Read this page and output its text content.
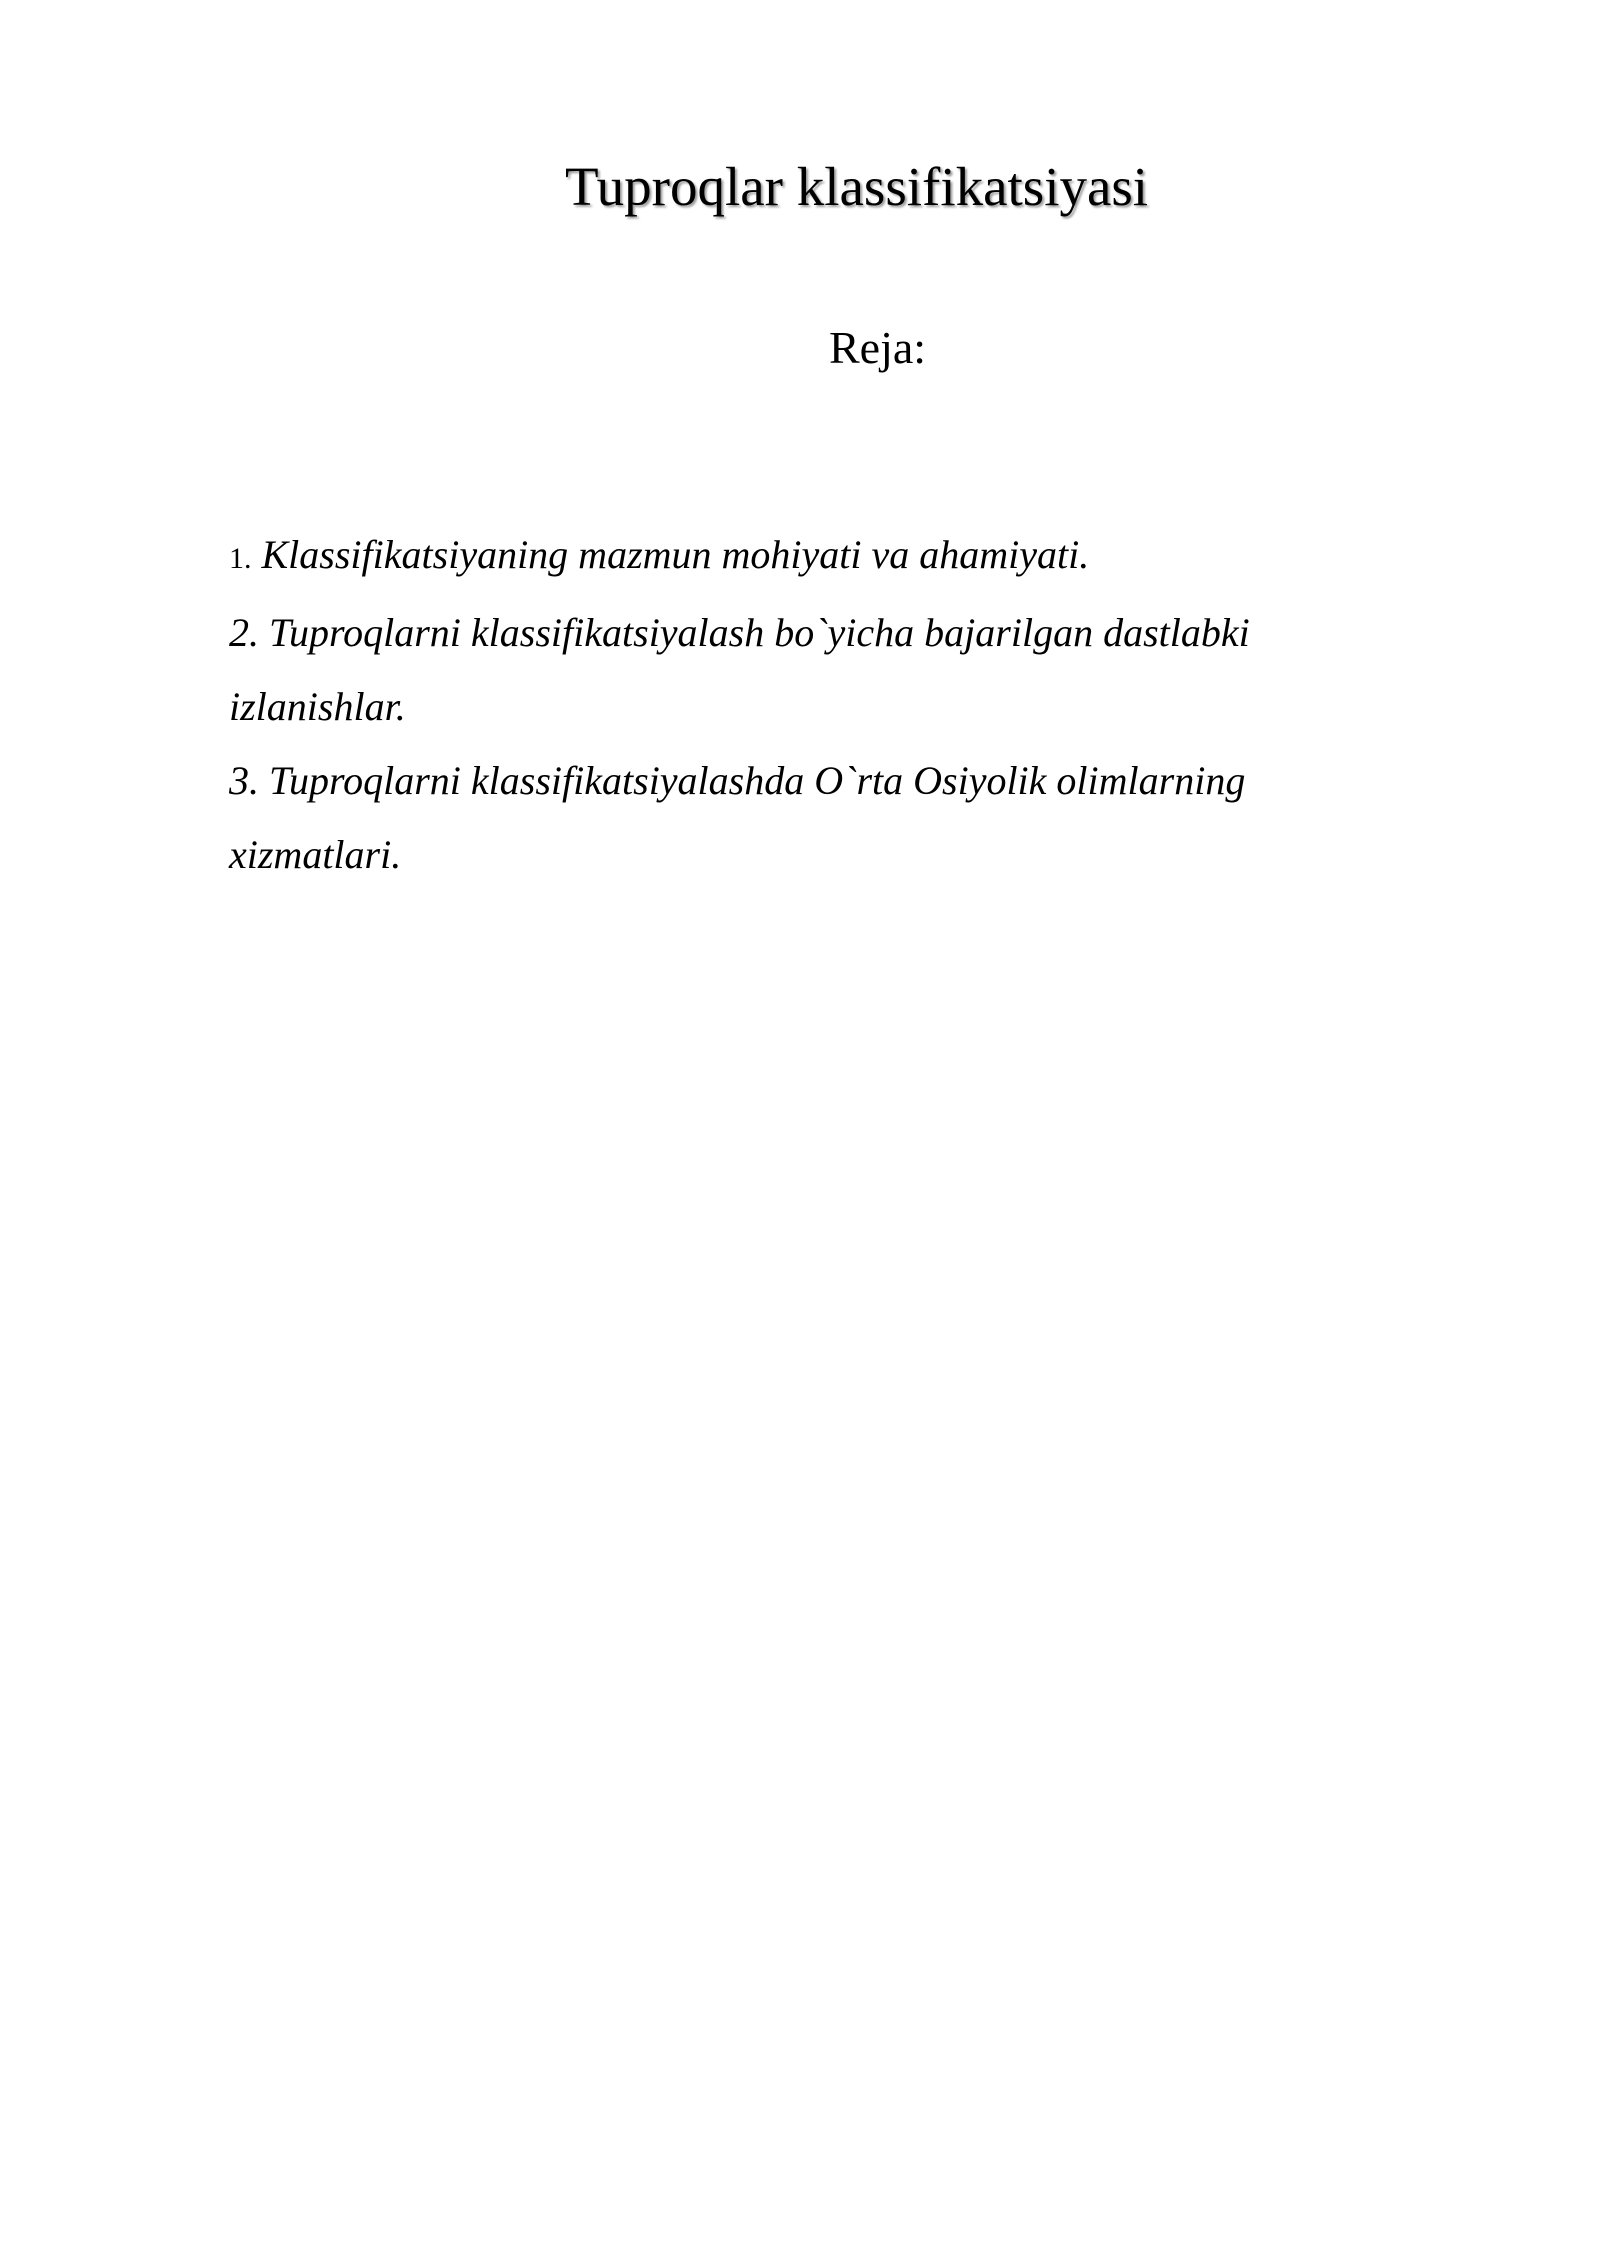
Tuproqlar klassifikatsiyasi
Reja:
1. Klassifikatsiyaning mazmun mohiyati va ahamiyati.
2. Tuproqlarni klassifikatsiyalash bo`yicha bajarilgan dastlabki izlanishlar.
3. Tuproqlarni klassifikatsiyalashda O`rta Osiyolik olimlarning xizmatlari.
